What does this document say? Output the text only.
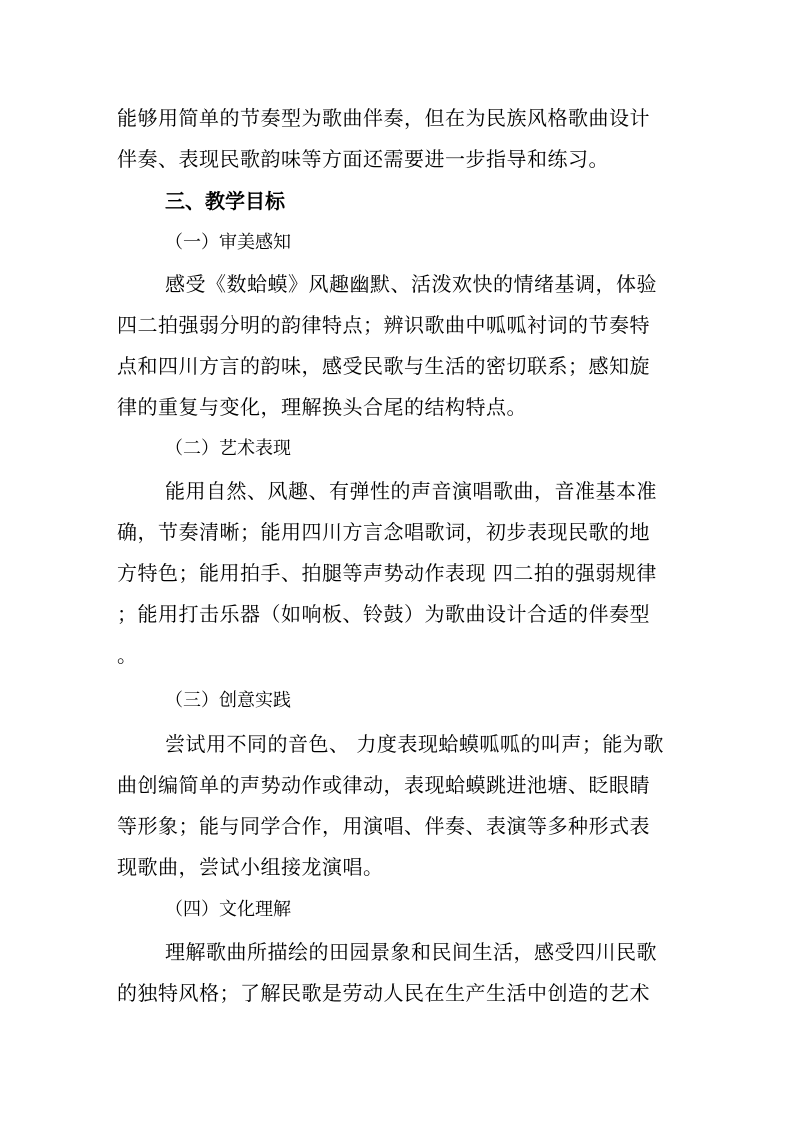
能够用简单的节奏型为歌曲伴奏，但在为民族风格歌曲设计
伴奏、表现民歌韵味等方面还需要进一步指导和练习。
三、教学目标
（一）审美感知
感受《数蛤蟆》风趣幽默、活泼欢快的情绪基调，体验
四二拍强弱分明的韵律特点；辨识歌曲中呱呱衬词的节奏特
点和四川方言的韵味，感受民歌与生活的密切联系；感知旋
律的重复与变化，理解换头合尾的结构特点。
（二）艺术表现
能用自然、风趣、有弹性的声音演唱歌曲，音准基本准
确，节奏清晰；能用四川方言念唱歌词，初步表现民歌的地
方特色；能用拍手、拍腿等声势动作表现 四二拍的强弱规律
；能用打击乐器（如响板、铃鼓）为歌曲设计合适的伴奏型
。
（三）创意实践
尝试用不同的音色、 力度表现蛤蟆呱呱的叫声；能为歌
曲创编简单的声势动作或律动，表现蛤蟆跳进池塘、眨眼睛
等形象；能与同学合作，用演唱、伴奏、表演等多种形式表
现歌曲，尝试小组接龙演唱。
（四）文化理解
理解歌曲所描绘的田园景象和民间生活，感受四川民歌
的独特风格；了解民歌是劳动人民在生产生活中创造的艺术
